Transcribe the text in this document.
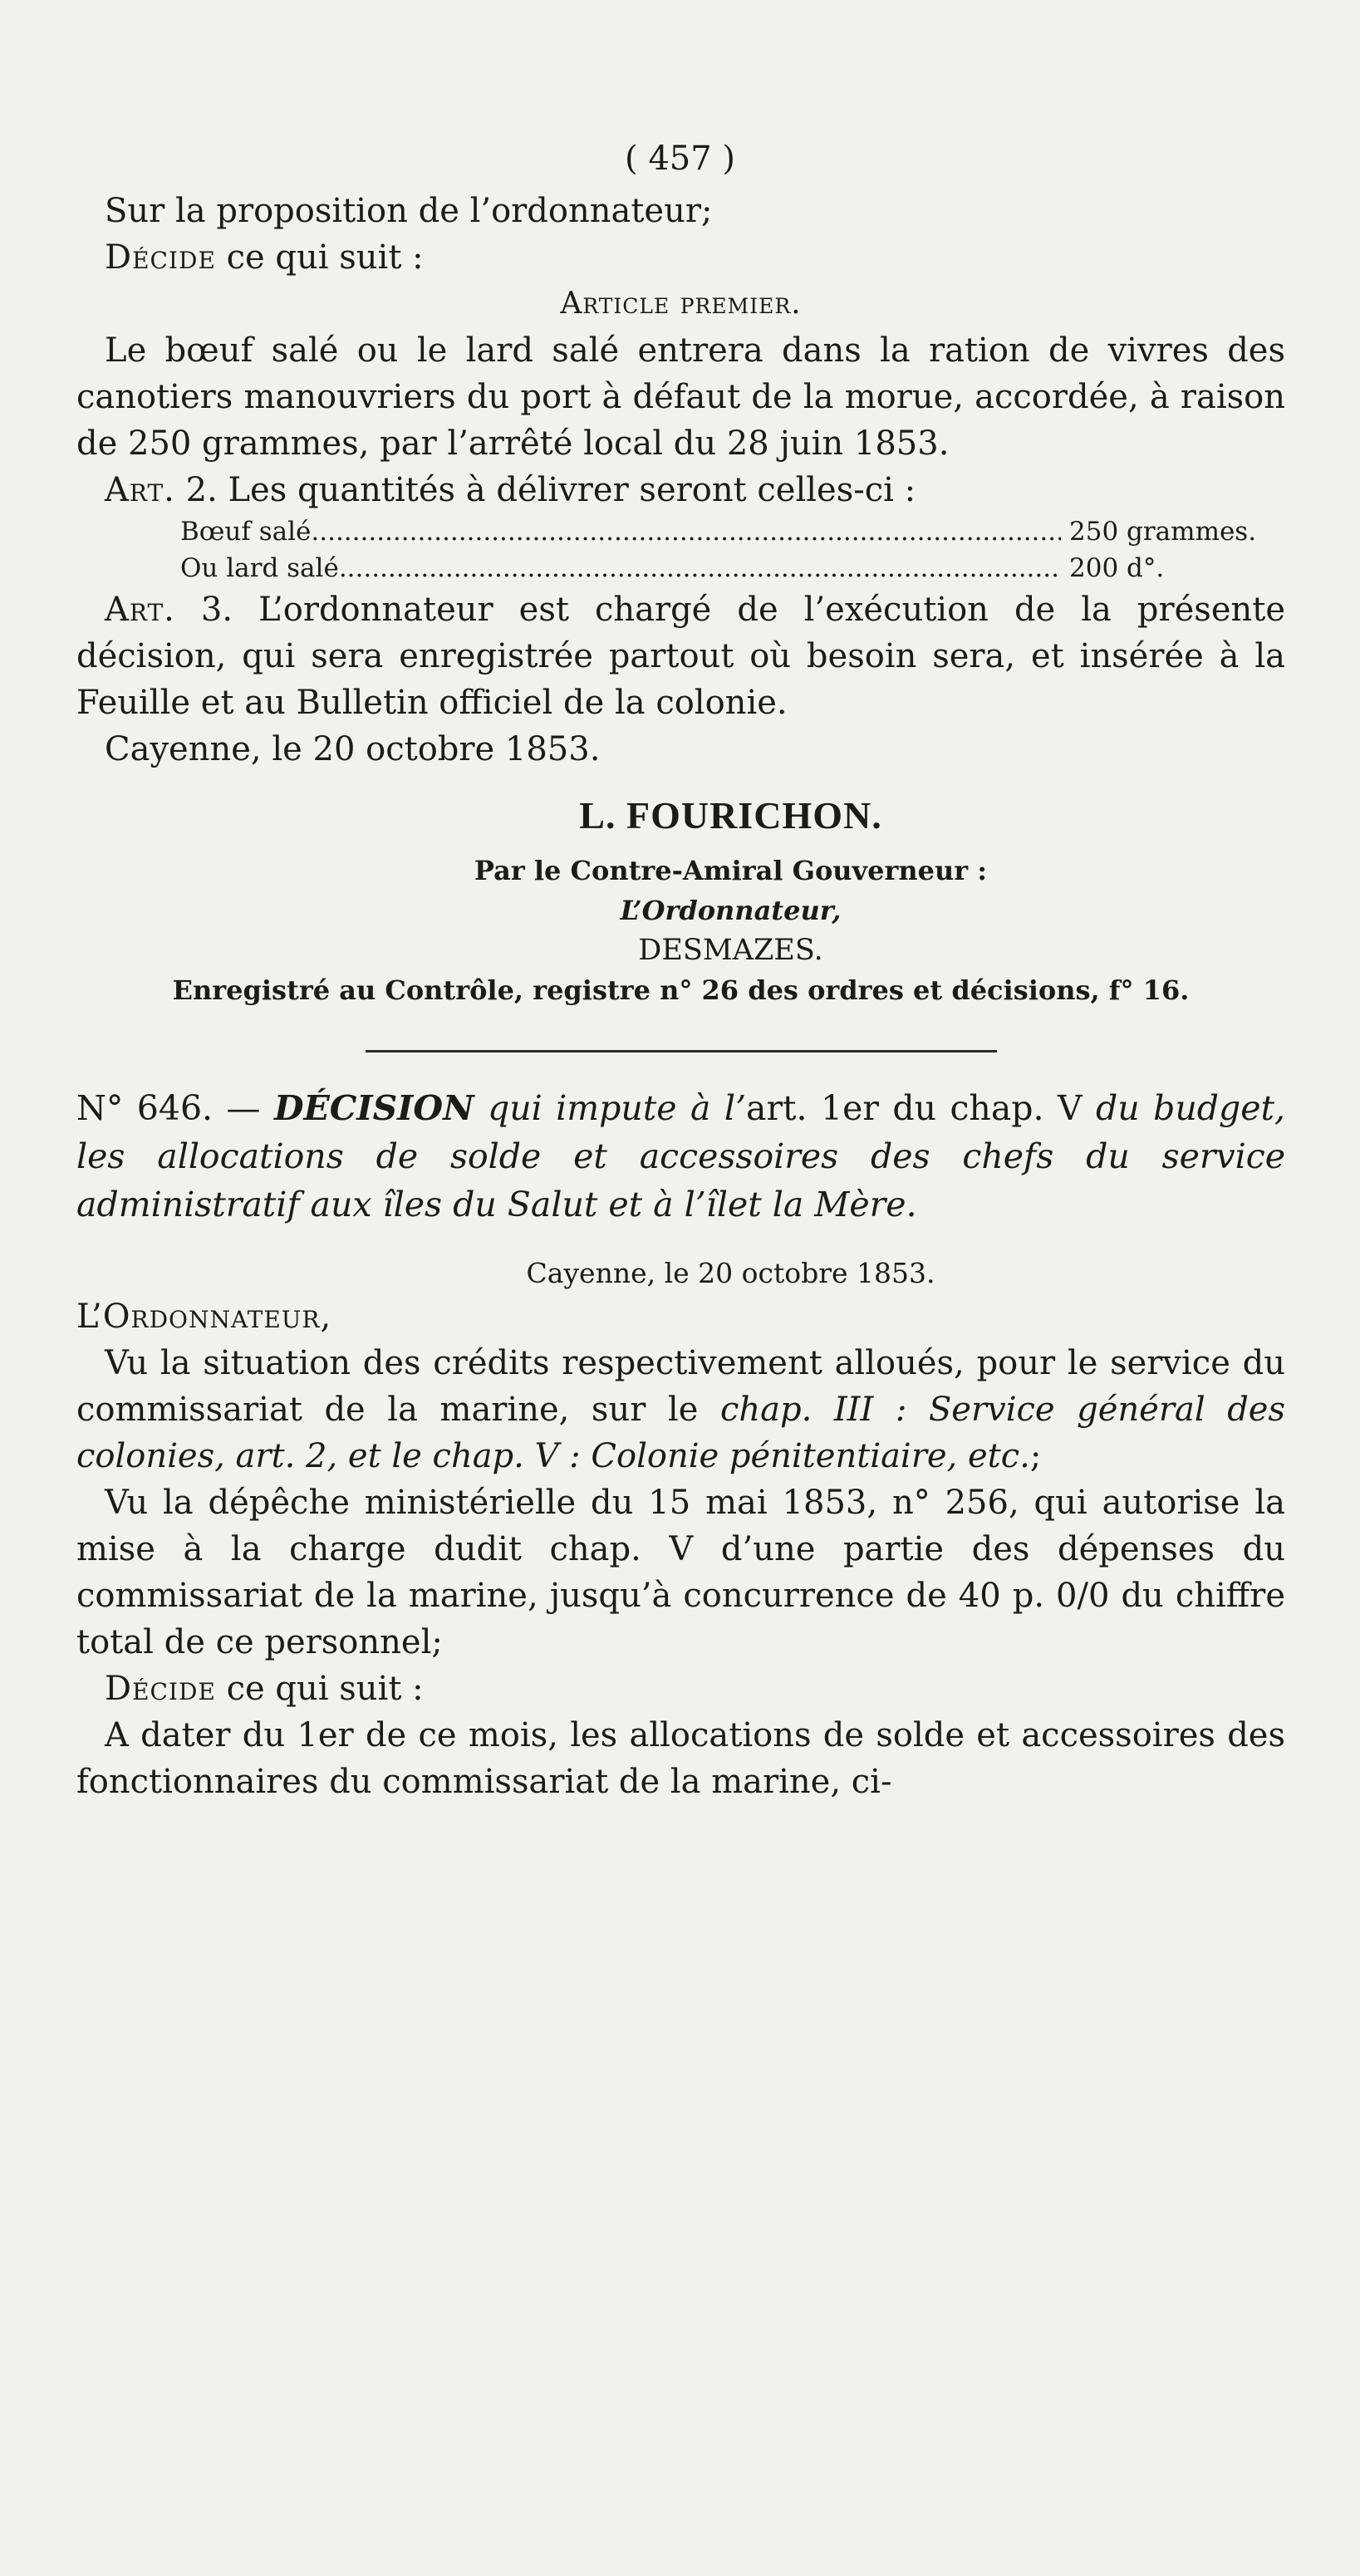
( 457 )

Sur la proposition de l’ordonnateur;

Décide ce qui suit :

Article premier.

Le bœuf salé ou le lard salé entrera dans la ration de vivres des canotiers manouvriers du port à défaut de la morue, accordée, à raison de 250 grammes, par l’arrêté local du 28 juin 1853.

Art. 2. Les quantités à délivrer seront celles-ci :

Bœuf salé .....	250 grammes.
Ou lard salé .....	200 d°.

Art. 3. L’ordonnateur est chargé de l’exécution de la présente décision, qui sera enregistrée partout où besoin sera, et insérée à la Feuille et au Bulletin officiel de la colonie.

Cayenne, le 20 octobre 1853.

L. FOURICHON.

Par le Contre-Amiral Gouverneur :

L’Ordonnateur,

DESMAZES.

Enregistré au Contrôle, registre n° 26 des ordres et décisions, f° 16.

N° 646. — DÉCISION qui impute à l’art. 1er du chap. V du budget, les allocations de solde et accessoires des chefs du service administratif aux îles du Salut et à l’îlet la Mère.

Cayenne, le 20 octobre 1853.

L’Ordonnateur,

Vu la situation des crédits respectivement alloués, pour le service du commissariat de la marine, sur le chap. III : Service général des colonies, art. 2, et le chap. V : Colonie pénitentiaire, etc.;

Vu la dépêche ministérielle du 15 mai 1853, n° 256, qui autorise la mise à la charge dudit chap. V d’une partie des dépenses du commissariat de la marine, jusqu’à concurrence de 40 p. 0/0 du chiffre total de ce personnel;

Décide ce qui suit :

A dater du 1er de ce mois, les allocations de solde et accessoires des fonctionnaires du commissariat de la marine, ci-
